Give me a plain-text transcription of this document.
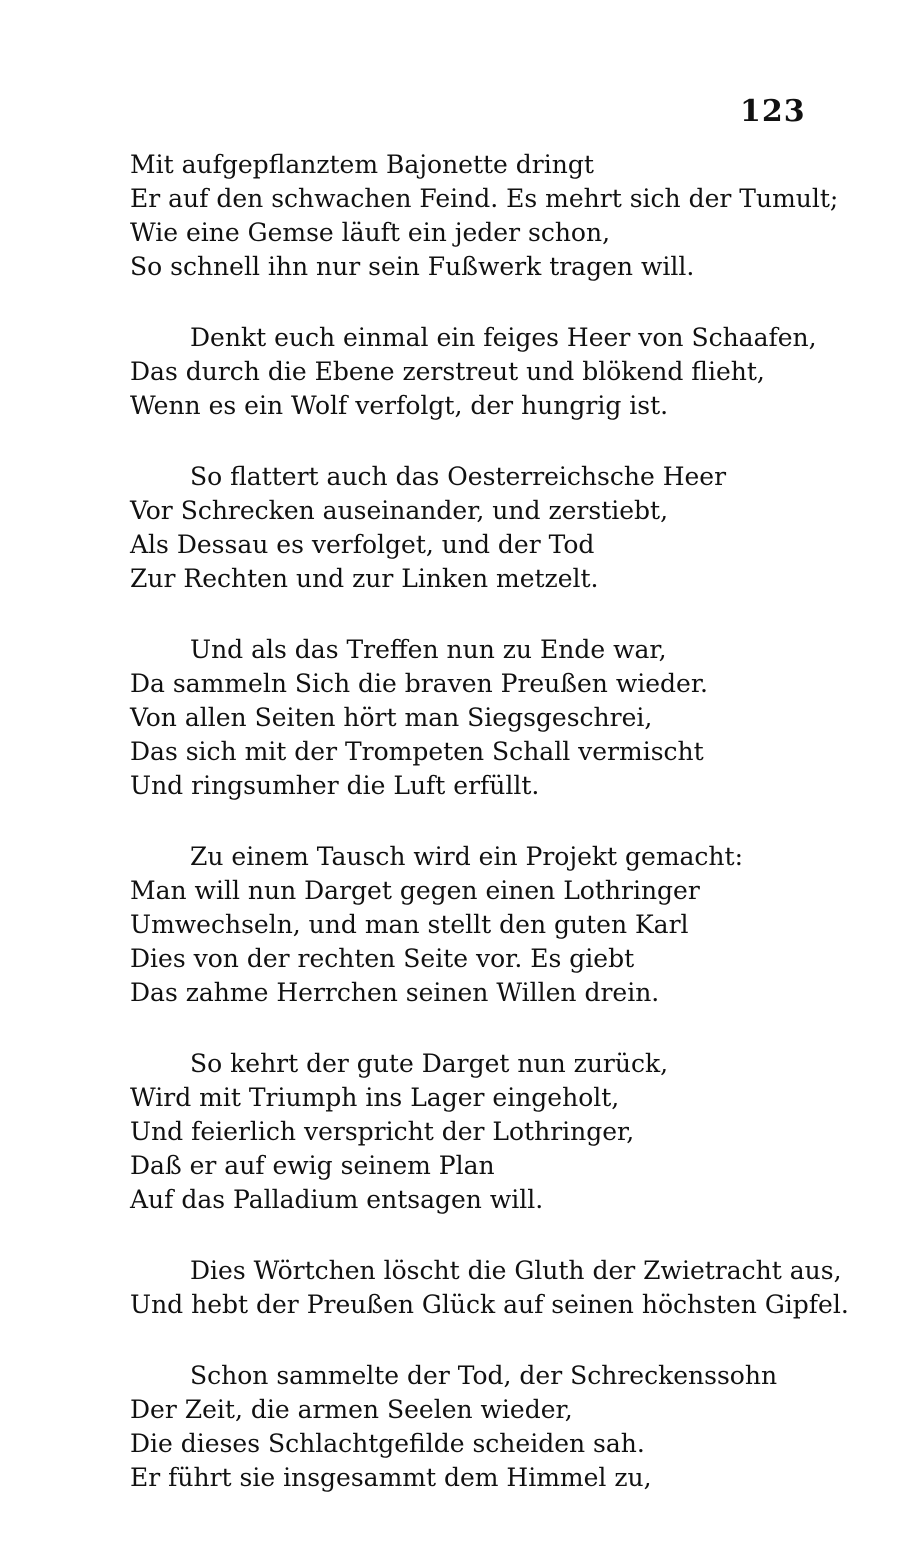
123
Mit aufgepflanztem Bajonette dringt
Er auf den schwachen Feind. Es mehrt sich der Tumult;
Wie eine Gemse läuft ein jeder schon,
So schnell ihn nur sein Fußwerk tragen will.
Denkt euch einmal ein feiges Heer von Schaafen,
Das durch die Ebene zerstreut und blökend flieht,
Wenn es ein Wolf verfolgt, der hungrig ist.
So flattert auch das Oesterreichsche Heer
Vor Schrecken auseinander, und zerstiebt,
Als Dessau es verfolget, und der Tod
Zur Rechten und zur Linken metzelt.
Und als das Treffen nun zu Ende war,
Da sammeln Sich die braven Preußen wieder.
Von allen Seiten hört man Siegsgeschrei,
Das sich mit der Trompeten Schall vermischt
Und ringsumher die Luft erfüllt.
Zu einem Tausch wird ein Projekt gemacht:
Man will nun Darget gegen einen Lothringer
Umwechseln, und man stellt den guten Karl
Dies von der rechten Seite vor. Es giebt
Das zahme Herrchen seinen Willen drein.
So kehrt der gute Darget nun zurück,
Wird mit Triumph ins Lager eingeholt,
Und feierlich verspricht der Lothringer,
Daß er auf ewig seinem Plan
Auf das Palladium entsagen will.
Dies Wörtchen löscht die Gluth der Zwietracht aus,
Und hebt der Preußen Glück auf seinen höchsten Gipfel.
Schon sammelte der Tod, der Schreckenssohn
Der Zeit, die armen Seelen wieder,
Die dieses Schlachtgefilde scheiden sah.
Er führt sie insgesammt dem Himmel zu,
